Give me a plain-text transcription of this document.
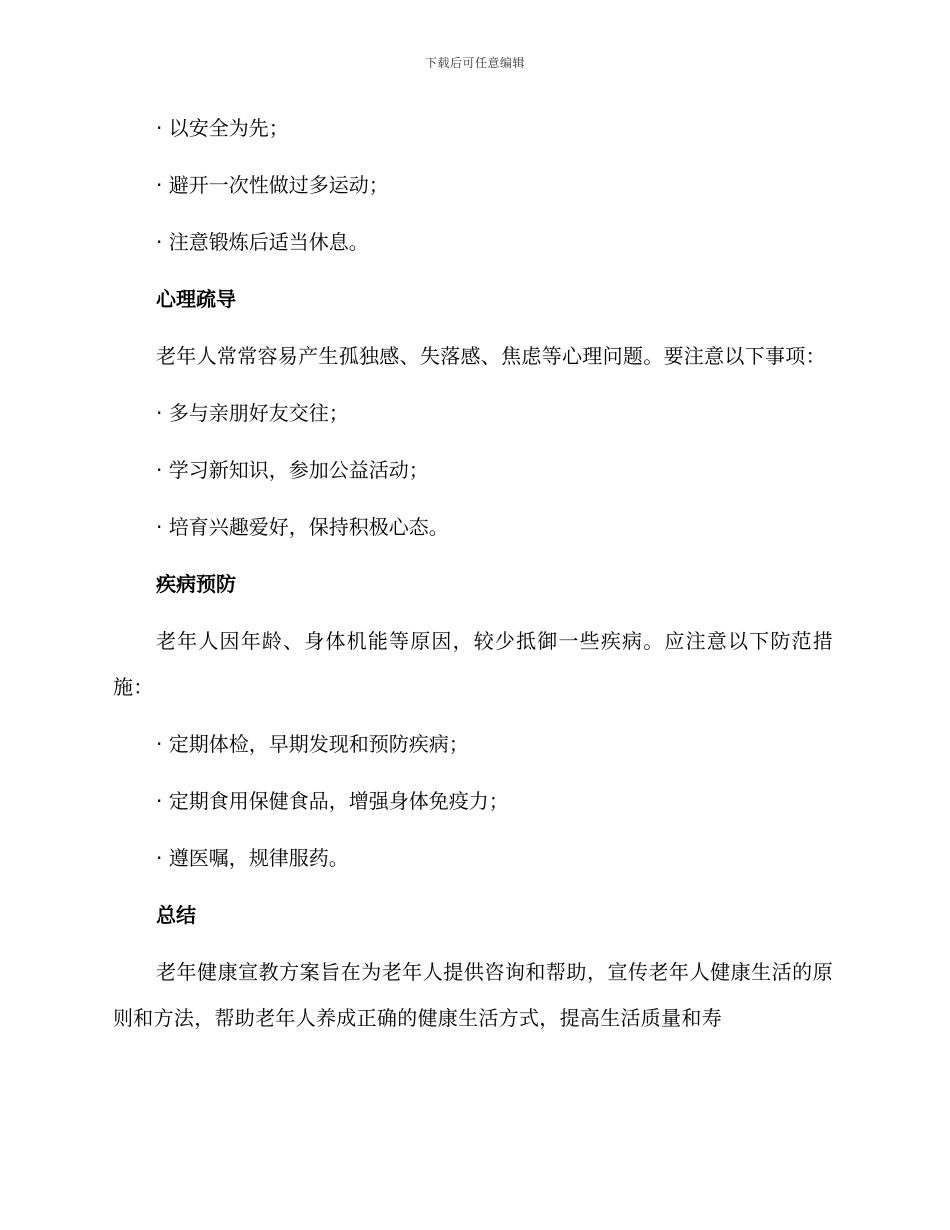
下载后可任意编辑
· 以安全为先；
· 避开一次性做过多运动；
· 注意锻炼后适当休息。
心理疏导
老年人常常容易产生孤独感、失落感、焦虑等心理问题。要注意以下事项：
· 多与亲朋好友交往；
· 学习新知识，参加公益活动；
· 培育兴趣爱好，保持积极心态。
疾病预防
老年人因年龄、身体机能等原因，较少抵御一些疾病。应注意以下防范措施：
· 定期体检，早期发现和预防疾病；
· 定期食用保健食品，增强身体免疫力；
· 遵医嘱，规律服药。
总结
老年健康宣教方案旨在为老年人提供咨询和帮助，宣传老年人健康生活的原则和方法，帮助老年人养成正确的健康生活方式，提高生活质量和寿
